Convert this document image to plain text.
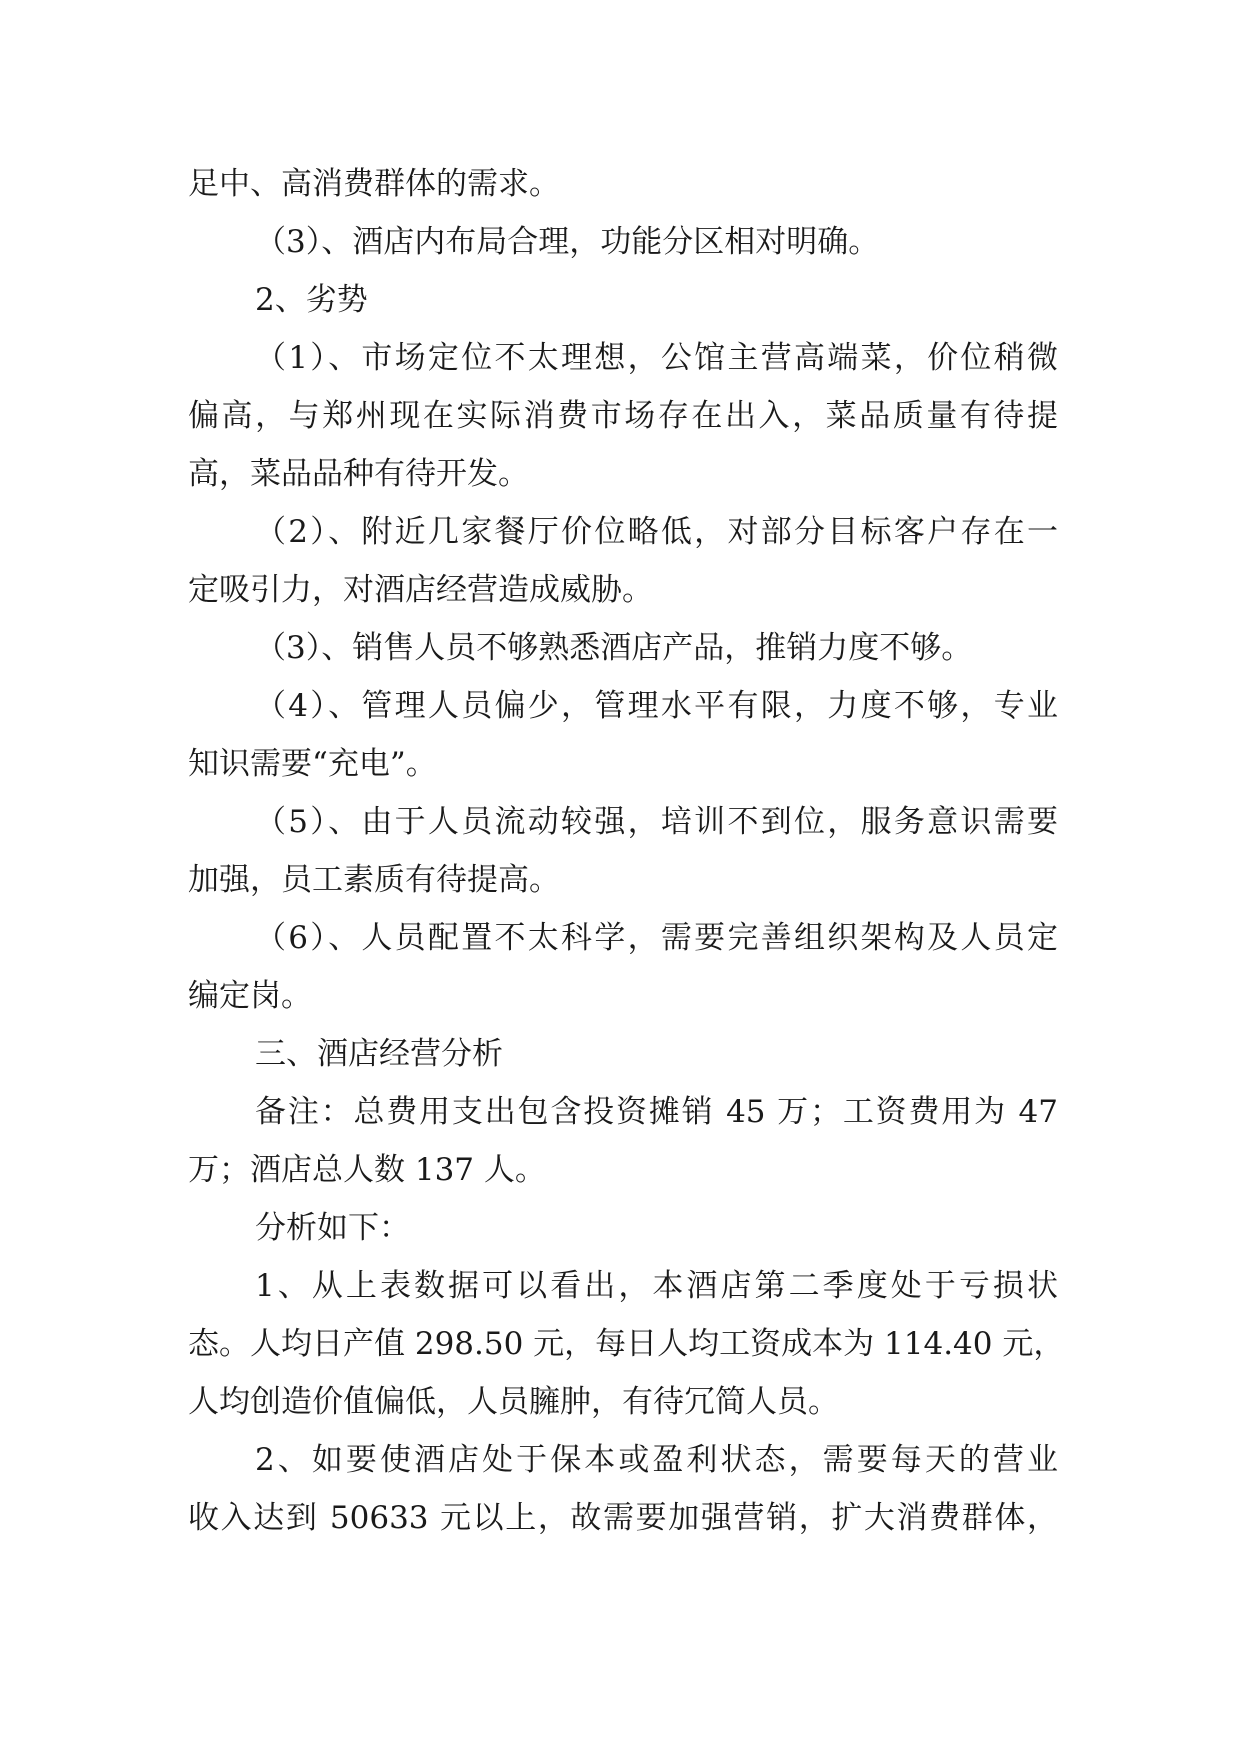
足中、高消费群体的需求。
（3）、酒店内布局合理，功能分区相对明确。
2、劣势
（1）、市场定位不太理想，公馆主营高端菜，价位稍微
偏高，与郑州现在实际消费市场存在出入，菜品质量有待提
高，菜品品种有待开发。
（2）、附近几家餐厅价位略低，对部分目标客户存在一
定吸引力，对酒店经营造成威胁。
（3）、销售人员不够熟悉酒店产品，推销力度不够。
（4）、管理人员偏少，管理水平有限，力度不够，专业
知识需要“充电”。
（5）、由于人员流动较强，培训不到位，服务意识需要
加强，员工素质有待提高。
（6）、人员配置不太科学，需要完善组织架构及人员定
编定岗。
三、酒店经营分析
备注：总费用支出包含投资摊销 45 万；工资费用为 47
万；酒店总人数 137 人。
分析如下：
1、从上表数据可以看出，本酒店第二季度处于亏损状
态。人均日产值 298.50 元，每日人均工资成本为 114.40 元，
人均创造价值偏低，人员臃肿，有待冗简人员。
2、如要使酒店处于保本或盈利状态，需要每天的营业
收入达到 50633 元以上，故需要加强营销，扩大消费群体，
